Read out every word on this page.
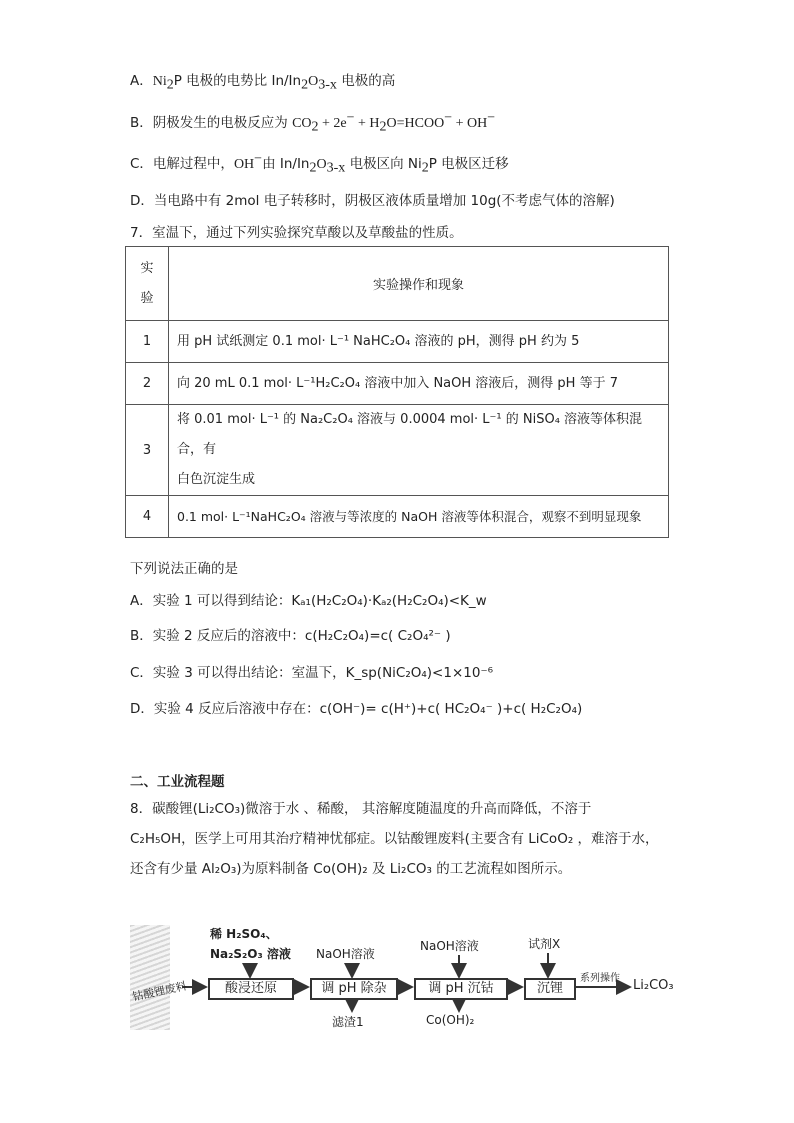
A．$Ni_2P$ 电极的电势比 $In/In_2O_{3-x}$ 电极的高
B．阴极发生的电极反应为 $CO_2 + 2e^-$ + $H_2O=HCOO^- + OH^-$
C．电解过程中，OH−由 $In/In_2O_{3-x}$ 电极区向 $Ni_2P$ 电极区迁移
D．当电路中有 2mol 电子转移时，阴极区液体质量增加 10g(不考虑气体的溶解)
7．室温下，通过下列实验探究草酸以及草酸盐的性质。
实
验	实验操作和现象
1	用 pH 试纸测定 0.1 mol· L⁻¹ NaHC₂O₄ 溶液的 pH，测得 pH 约为 5
2	向 20 mL 0.1 mol· L⁻¹H₂C₂O₄ 溶液中加入 NaOH 溶液后，测得 pH 等于 7
3	将 0.01 mol· L⁻¹ 的 Na₂C₂O₄ 溶液与 0.0004 mol· L⁻¹ 的 NiSO₄ 溶液等体积混合，有
白色沉淀生成

4	0.1 mol· L⁻¹NaHC₂O₄ 溶液与等浓度的 NaOH 溶液等体积混合，观察不到明显现象
下列说法正确的是
A．实验 1 可以得到结论：Kₐ₁(H₂C₂O₄)·Kₐ₂(H₂C₂O₄)<K_w
B．实验 2 反应后的溶液中：c(H₂C₂O₄)=c( C₂O₄²⁻ )
C．实验 3 可以得出结论：室温下，K_sp(NiC₂O₄)<1×10⁻⁶
D．实验 4 反应后溶液中存在：c(OH⁻)= c(H⁺)+c( HC₂O₄⁻ )+c( H₂C₂O₄)
二、工业流程题
8．碳酸锂(Li₂CO₃)微溶于水 、稀酸， 其溶解度随温度的升高而降低，不溶于
C₂H₅OH，医学上可用其治疗精神忧郁症。以钴酸锂废料(主要含有 LiCoO₂ ，难溶于水，
还含有少量 Al₂O₃)为原料制备 Co(OH)₂ 及 Li₂CO₃ 的工艺流程如图所示。
钴酸锂废料
稀 H₂SO₄、
Na₂S₂O₃ 溶液
酸浸还原
NaOH溶液
调 pH 除杂
滤渣1
NaOH溶液
调 pH 沉钴
Co(OH)₂
试剂X
沉锂
系列操作 Li₂CO₃
